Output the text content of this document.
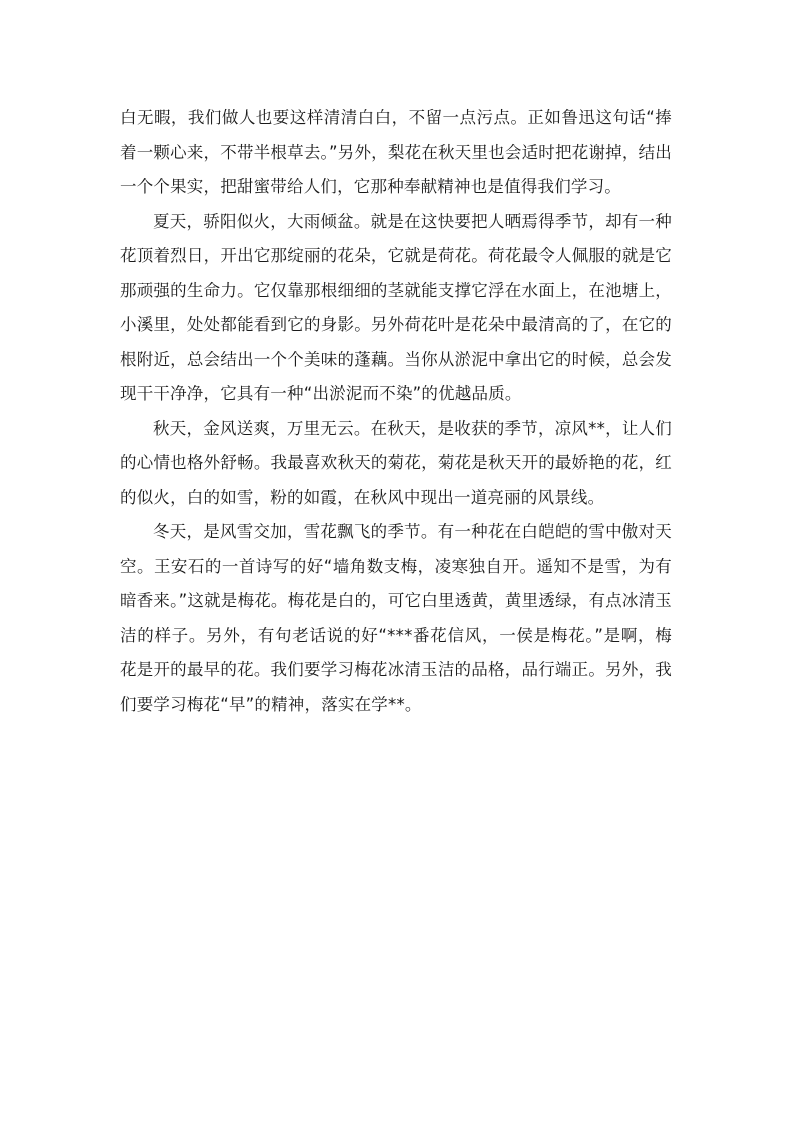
白无暇，我们做人也要这样清清白白，不留一点污点。正如鲁迅这句话“捧着一颗心来，不带半根草去。”另外，梨花在秋天里也会适时把花谢掉，结出一个个果实，把甜蜜带给人们，它那种奉献精神也是值得我们学习。

夏天，骄阳似火，大雨倾盆。就是在这快要把人晒焉得季节，却有一种花顶着烈日，开出它那绽丽的花朵，它就是荷花。荷花最令人佩服的就是它那顽强的生命力。它仅靠那根细细的茎就能支撑它浮在水面上，在池塘上，小溪里，处处都能看到它的身影。另外荷花叶是花朵中最清高的了，在它的根附近，总会结出一个个美味的蓬藕。当你从淤泥中拿出它的时候，总会发现干干净净，它具有一种“出淤泥而不染”的优越品质。

秋天，金风送爽，万里无云。在秋天，是收获的季节，凉风**，让人们的心情也格外舒畅。我最喜欢秋天的菊花，菊花是秋天开的最娇艳的花，红的似火，白的如雪，粉的如霞，在秋风中现出一道亮丽的风景线。

冬天，是风雪交加，雪花飘飞的季节。有一种花在白皑皑的雪中傲对天空。王安石的一首诗写的好“墙角数支梅，凌寒独自开。遥知不是雪，为有暗香来。”这就是梅花。梅花是白的，可它白里透黄，黄里透绿，有点冰清玉洁的样子。另外，有句老话说的好“***番花信风，一侯是梅花。”是啊，梅花是开的最早的花。我们要学习梅花冰清玉洁的品格，品行端正。另外，我们要学习梅花“早”的精神，落实在学**。
